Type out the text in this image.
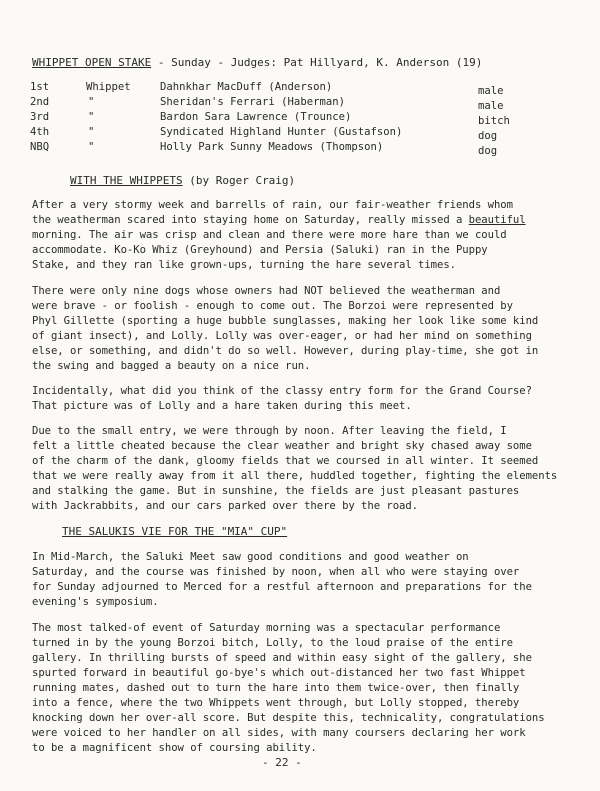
WHIPPET OPEN STAKE - Sunday - Judges: Pat Hillyard, K. Anderson (19)
1st	Whippet	Dahnkhar MacDuff (Anderson)	male
2nd	"	Sheridan's Ferrari (Haberman)	male
3rd	"	Bardon Sara Lawrence (Trounce)	bitch
4th	"	Syndicated Highland Hunter (Gustafson)	dog
NBQ	"	Holly Park Sunny Meadows (Thompson)	dog
WITH THE WHIPPETS (by Roger Craig)
After a very stormy week and barrells of rain, our fair-weather friends whom
the weatherman scared into staying home on Saturday, really missed a beautiful
morning. The air was crisp and clean and there were more hare than we could
accommodate. Ko-Ko Whiz (Greyhound) and Persia (Saluki) ran in the Puppy
Stake, and they ran like grown-ups, turning the hare several times.
There were only nine dogs whose owners had NOT believed the weatherman and
were brave - or foolish - enough to come out. The Borzoi were represented by
Phyl Gillette (sporting a huge bubble sunglasses, making her look like some kind
of giant insect), and Lolly. Lolly was over-eager, or had her mind on something
else, or something, and didn't do so well. However, during play-time, she got in
the swing and bagged a beauty on a nice run.
Incidentally, what did you think of the classy entry form for the Grand Course?
That picture was of Lolly and a hare taken during this meet.
Due to the small entry, we were through by noon. After leaving the field, I
felt a little cheated because the clear weather and bright sky chased away some
of the charm of the dank, gloomy fields that we coursed in all winter. It seemed
that we were really away from it all there, huddled together, fighting the elements
and stalking the game. But in sunshine, the fields are just pleasant pastures
with Jackrabbits, and our cars parked over there by the road.
THE SALUKIS VIE FOR THE "MIA" CUP"
In Mid-March, the Saluki Meet saw good conditions and good weather on
Saturday, and the course was finished by noon, when all who were staying over
for Sunday adjourned to Merced for a restful afternoon and preparations for the
evening's symposium.
The most talked-of event of Saturday morning was a spectacular performance
turned in by the young Borzoi bitch, Lolly, to the loud praise of the entire
gallery. In thrilling bursts of speed and within easy sight of the gallery, she
spurted forward in beautiful go-bye's which out-distanced her two fast Whippet
running mates, dashed out to turn the hare into them twice-over, then finally
into a fence, where the two Whippets went through, but Lolly stopped, thereby
knocking down her over-all score. But despite this, technicality, congratulations
were voiced to her handler on all sides, with many coursers declaring her work
to be a magnificent show of coursing ability.
- 22 -
